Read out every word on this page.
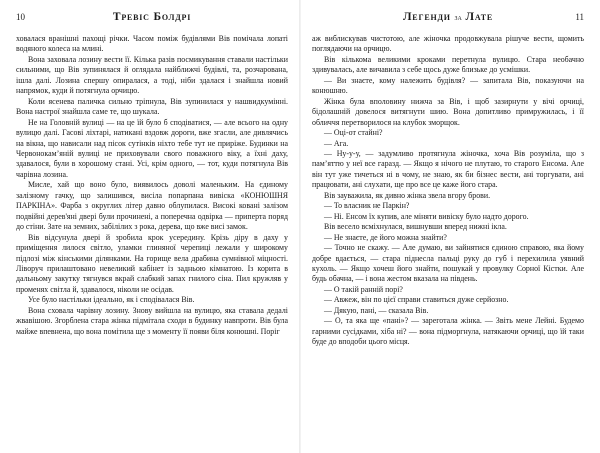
10	Тревіс Болдрі

ховалася вранішні пахощі річки. Часом поміж будівлями Вів помічала лопаті водяного колеса на млині.

Вона заховала лозину вести її. Кілька разів посмикування ставали настільки сильними, що Вів зупинялася й оглядала найближчі будівлі, та, розчарована, ішла далі. Лозина спершу опиралася, а тоді, ніби здалася і знайшла новий напрямок, куди й потягнула орчицю.

Коли ясенева паличка сильно тріпнула, Вів зупинилася у нашвидкуміннi. Вона настрої знайшла саме те, що шукала.

Не на Головній вулиці — на це їй було б сподіватися, — але всього на одну вулицю далі. Гасові ліхтарі, натикані вздовж дороги, вже згасли, але дивлячись на вікна, що нависали над пісок сутінків ніхто тебе тут не приріже. Будинки на Червонокамʼяній вулиці не приховували свого поважного віку, а їхні даху, здавалося, були в хорошому стані. Усі, крім одного, — тот, куди потягнула Вів чарівна лозина.

Мисле, хай що воно було, виявилось доволі маленьким. На єдиному залізному гачку, що залишився, висіла попарпана вивіска «КОНЮШНЯ ПАРКІНА». Фарба з округлих літер давно облупилася. Високі ковані залізом подвійні дерев'яні двері були прочинені, а поперечна одвірка — приперта поряд до стіни. Зате на земних, забілілих з рока, дерева, що вже висі замок.

Вів відсунула двері й зробила крок усередину. Крізь діру в даху у приміщення лилося світло, уламки глиняної черепиці лежали у широкому підлозі між кінськими ділянками. На горище вела драбина сумнівної міцності. Ліворуч прилаштовано невеликий кабінет із задньою кімнатою. Із корита в дальньому закутку тягнувся вкрай слабкий запах гнилого сіна. Пил кружляв у променях світла й, здавалося, ніколи не осідав.

Усе було настільки ідеально, як і сподівалася Вів.

Вона сховала чарівну лозину. Знову вийшла на вулицю, яка ставала дедалі жвавішою. Згорблена стара жінка підмітала сходи в будинку навпроти. Вів була майже впевнена, що вона помітила ще з моменту її появи біля конюшні. Поріг

Легенди за Лате	11

аж виблискував чистотою, але жіночка продовжувала рішуче вести, щомить поглядаючи на орчицю.

Вів кількома великими кроками перетнула вулицю. Стара необачно здивувалась, але вичавила з себе щось дуже близьке до усмішки.

— Ви знаєте, кому належить будівля? — запитала Вів, показуючи на конюшню.

Жінка була вполовину нижча за Вів, і щоб зазирнути у вічі орчиці, бідолашній довелося витягнути шию. Вона допитливо примружилась, і її обличчя перетворилося на клубок зморщок.

— Оці-от стайні?

— Ага.

— Ну-у-у, — задумливо протягнула жіночка, хоча Вів розуміла, що з памʼяттю у неї все гаразд. — Якщо я нічого не плутаю, то старого Енсома. Але він тут уже тичеться ні в чому, не знаю, як би бізнес вести, ані торгувати, ані працювати, ані слухати, ще про все це каже його стара.

Вів зауважила, як дивно жінка звела вгору брови.

— То власник не Паркін?

— Ні. Енсом їх купив, але міняти вивіску було надто дорого.

Вів весело всміхнулася, вишнувши вперед нижні ікла.

— Не знаєте, де його можна знайти?

— Точно не скажу. — Але думаю, ви зайнятися єдиною справою, яка йому добре вдається, — стара піднесла пальці руку до губ і перехилила уявний кухоль. — Якщо хочеш його знайти, пошукай у провулку Сорної Кістки. Але будь обачна, — і вона жестом вказала на південь.

— О такій ранній порі?

— Авжеж, він по цієї справи ставиться дуже серйозно.

— Дякую, пані, — сказала Вів.

— О, та яка ще «пані»? — зареготала жінка. — Звіть мене Лейні. Будемо гарними сусідками, хіба ні? — вона підморгнула, натякаючи орчиці, що їй таки буде до вподоби цього місця.
